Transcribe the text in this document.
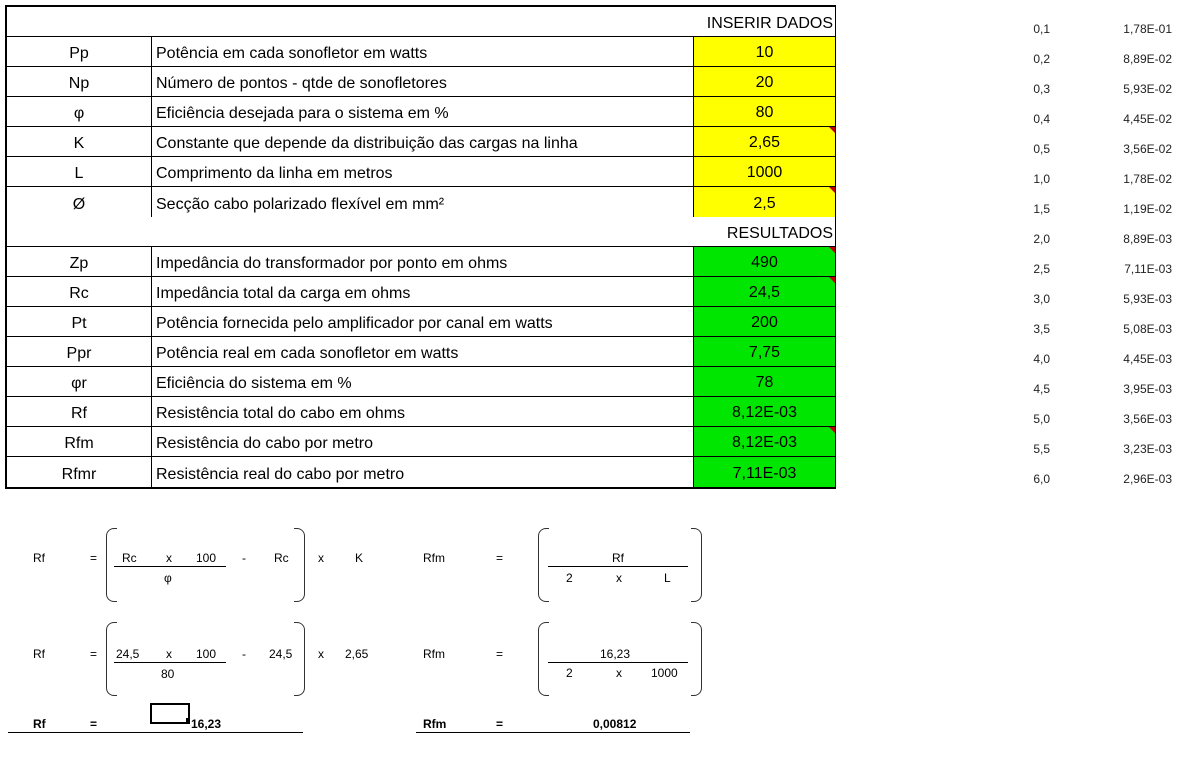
INSERIR DADOS
Pp	Potência em cada sonofletor em watts	10
Np	Número de pontos - qtde de sonofletores	20
φ	Eficiência desejada para o sistema em %	80
K	Constante que depende da distribuição das cargas na linha	2,65
L	Comprimento da linha em metros	1000
Ø	Secção cabo polarizado flexível em mm²	2,5
RESULTADOS
Zp	Impedância do transformador por ponto em ohms	490
Rc	Impedância total da carga em ohms	24,5
Pt	Potência fornecida pelo amplificador por canal em watts	200
Ppr	Potência real em cada sonofletor em watts	7,75
φr	Eficiência do sistema em %	78
Rf	Resistência total do cabo em ohms	8,12E-03
Rfm	Resistência do cabo por metro	8,12E-03
Rfmr	Resistência real do cabo por metro	7,11E-03
0,1	1,78E-01
0,2	8,89E-02
0,3	5,93E-02
0,4	4,45E-02
0,5	3,56E-02
1,0	1,78E-02
1,5	1,19E-02
2,0	8,89E-03
2,5	7,11E-03
3,0	5,93E-03
3,5	5,08E-03
4,0	4,45E-03
4,5	3,95E-03
5,0	3,56E-03
5,5	3,23E-03
6,0	2,96E-03
Rf	= Rc x 100
φ
- Rc x	K	Rfm	=	Rf
2	x	L
Rf	= 24,5 x 100
80
- 24,5 x 2,65	Rfm	=	16,23
2	x 1000
Rf	=	16,23	Rfm	=	0,00812
